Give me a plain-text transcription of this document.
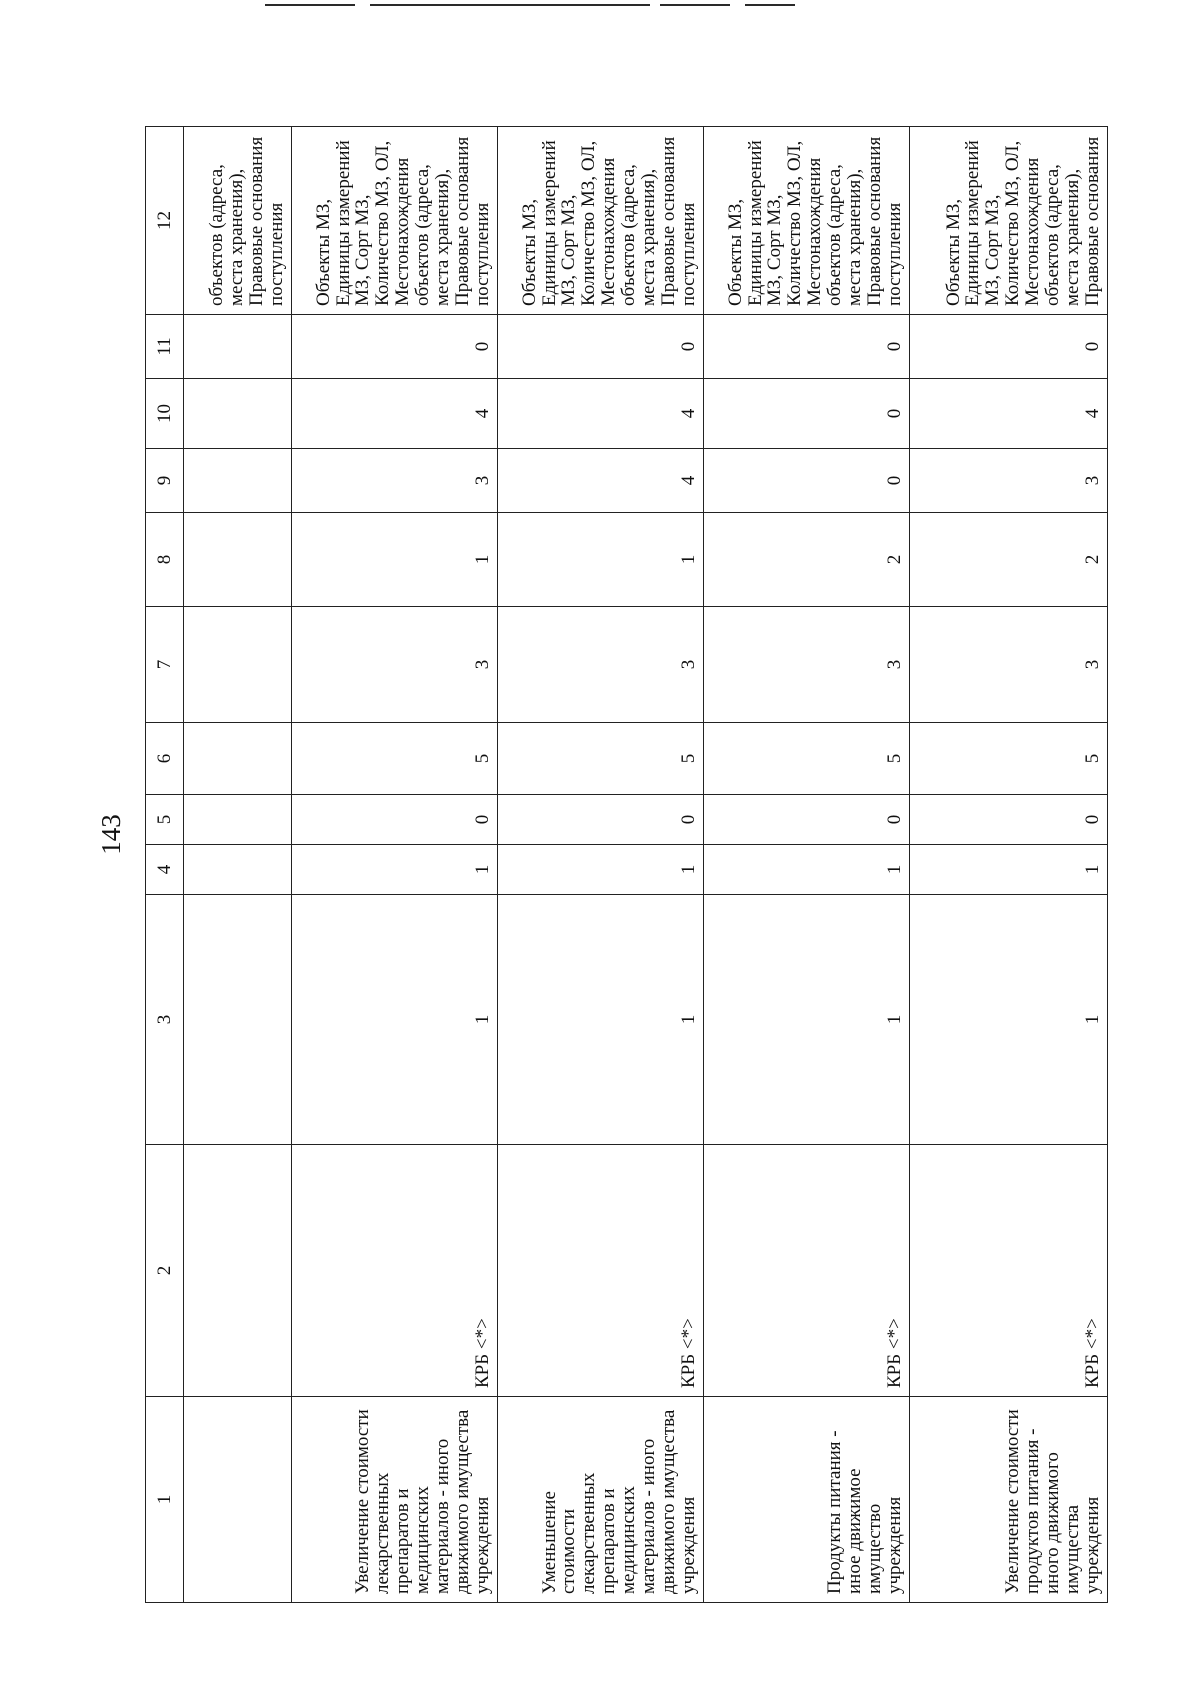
143
1	2	3	4	5	6	7	8	9	10	11	12
											объектов (адреса, места хранения), Правовые основания поступления
Увеличение стоимости лекарственных препаратов и медицинских материалов - иного движимого имущества учреждения	КРБ <*>	1	1	0	5	3	1	3	4	0	Объекты МЗ, Единицы измерений МЗ, Сорт МЗ, Количество МЗ, ОЛ, Местонахождения объектов (адреса, места хранения), Правовые основания поступления
Уменьшение стоимости лекарственных препаратов и медицинских материалов - иного движимого имущества учреждения	КРБ <*>	1	1	0	5	3	1	4	4	0	Объекты МЗ, Единицы измерений МЗ, Сорт МЗ, Количество МЗ, ОЛ, Местонахождения объектов (адреса, места хранения), Правовые основания поступления
Продукты питания - иное движимое имущество учреждения	КРБ <*>	1	1	0	5	3	2	0	0	0	Объекты МЗ, Единицы измерений МЗ, Сорт МЗ, Количество МЗ, ОЛ, Местонахождения объектов (адреса, места хранения), Правовые основания поступления
Увеличение стоимости продуктов питания - иного движимого имущества учреждения	КРБ <*>	1	1	0	5	3	2	3	4	0	Объекты МЗ, Единицы измерений МЗ, Сорт МЗ, Количество МЗ, ОЛ, Местонахождения объектов (адреса, места хранения), Правовые основания
